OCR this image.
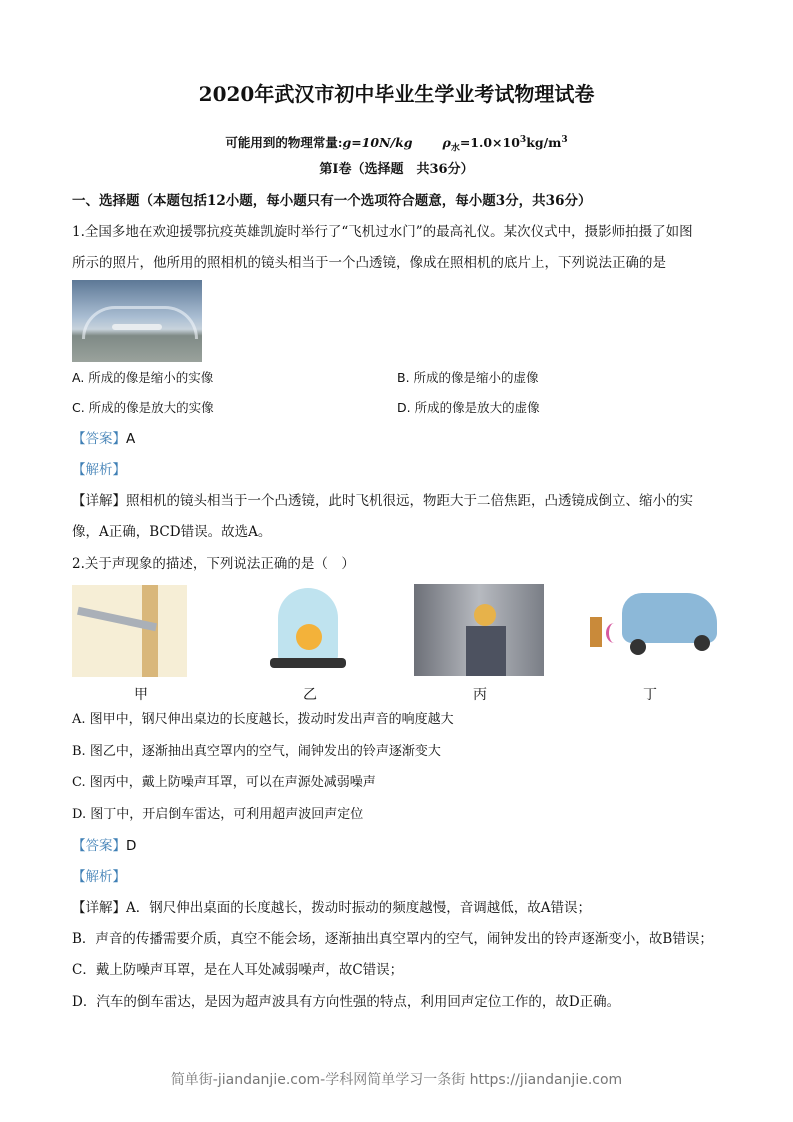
2020年武汉市初中毕业生学业考试物理试卷
可能用到的物理常量:g=10N/kg $\rho_水=1.0\times 10^3kg/m^3$
第I卷（选择题　共36分）
一、选择题（本题包括12小题，每小题只有一个选项符合题意，每小题3分，共36分）
1.全国多地在欢迎援鄂抗疫英雄凯旋时举行了“飞机过水门”的最高礼仪。某次仪式中，摄影师拍摄了如图
所示的照片，他所用的照相机的镜头相当于一个凸透镜，像成在照相机的底片上，下列说法正确的是
A. 所成的像是缩小的实像	B. 所成的像是缩小的虚像
C. 所成的像是放大的实像	D. 所成的像是放大的虚像
【答案】A
【解析】
【详解】照相机的镜头相当于一个凸透镜，此时飞机很远，物距大于二倍焦距，凸透镜成倒立、缩小的实
像，A正确，BCD错误。故选A。
2.关于声现象的描述，下列说法正确的是（　）
甲	乙	丙	丁
A. 图甲中，钢尺伸出桌边的长度越长，拨动时发出声音的响度越大
B. 图乙中，逐渐抽出真空罩内的空气，闹钟发出的铃声逐渐变大
C. 图丙中，戴上防噪声耳罩，可以在声源处减弱噪声
D. 图丁中，开启倒车雷达，可利用超声波回声定位
【答案】D
【解析】
【详解】A．钢尺伸出桌面的长度越长，拨动时振动的频度越慢，音调越低，故A错误；
B．声音的传播需要介质，真空不能会场，逐渐抽出真空罩内的空气，闹钟发出的铃声逐渐变小，故B错误；
C．戴上防噪声耳罩，是在人耳处减弱噪声，故C错误；
D．汽车的倒车雷达，是因为超声波具有方向性强的特点，利用回声定位工作的，故D正确。
简单街-jiandanjie.com-学科网简单学习一条街 https://jiandanjie.com
